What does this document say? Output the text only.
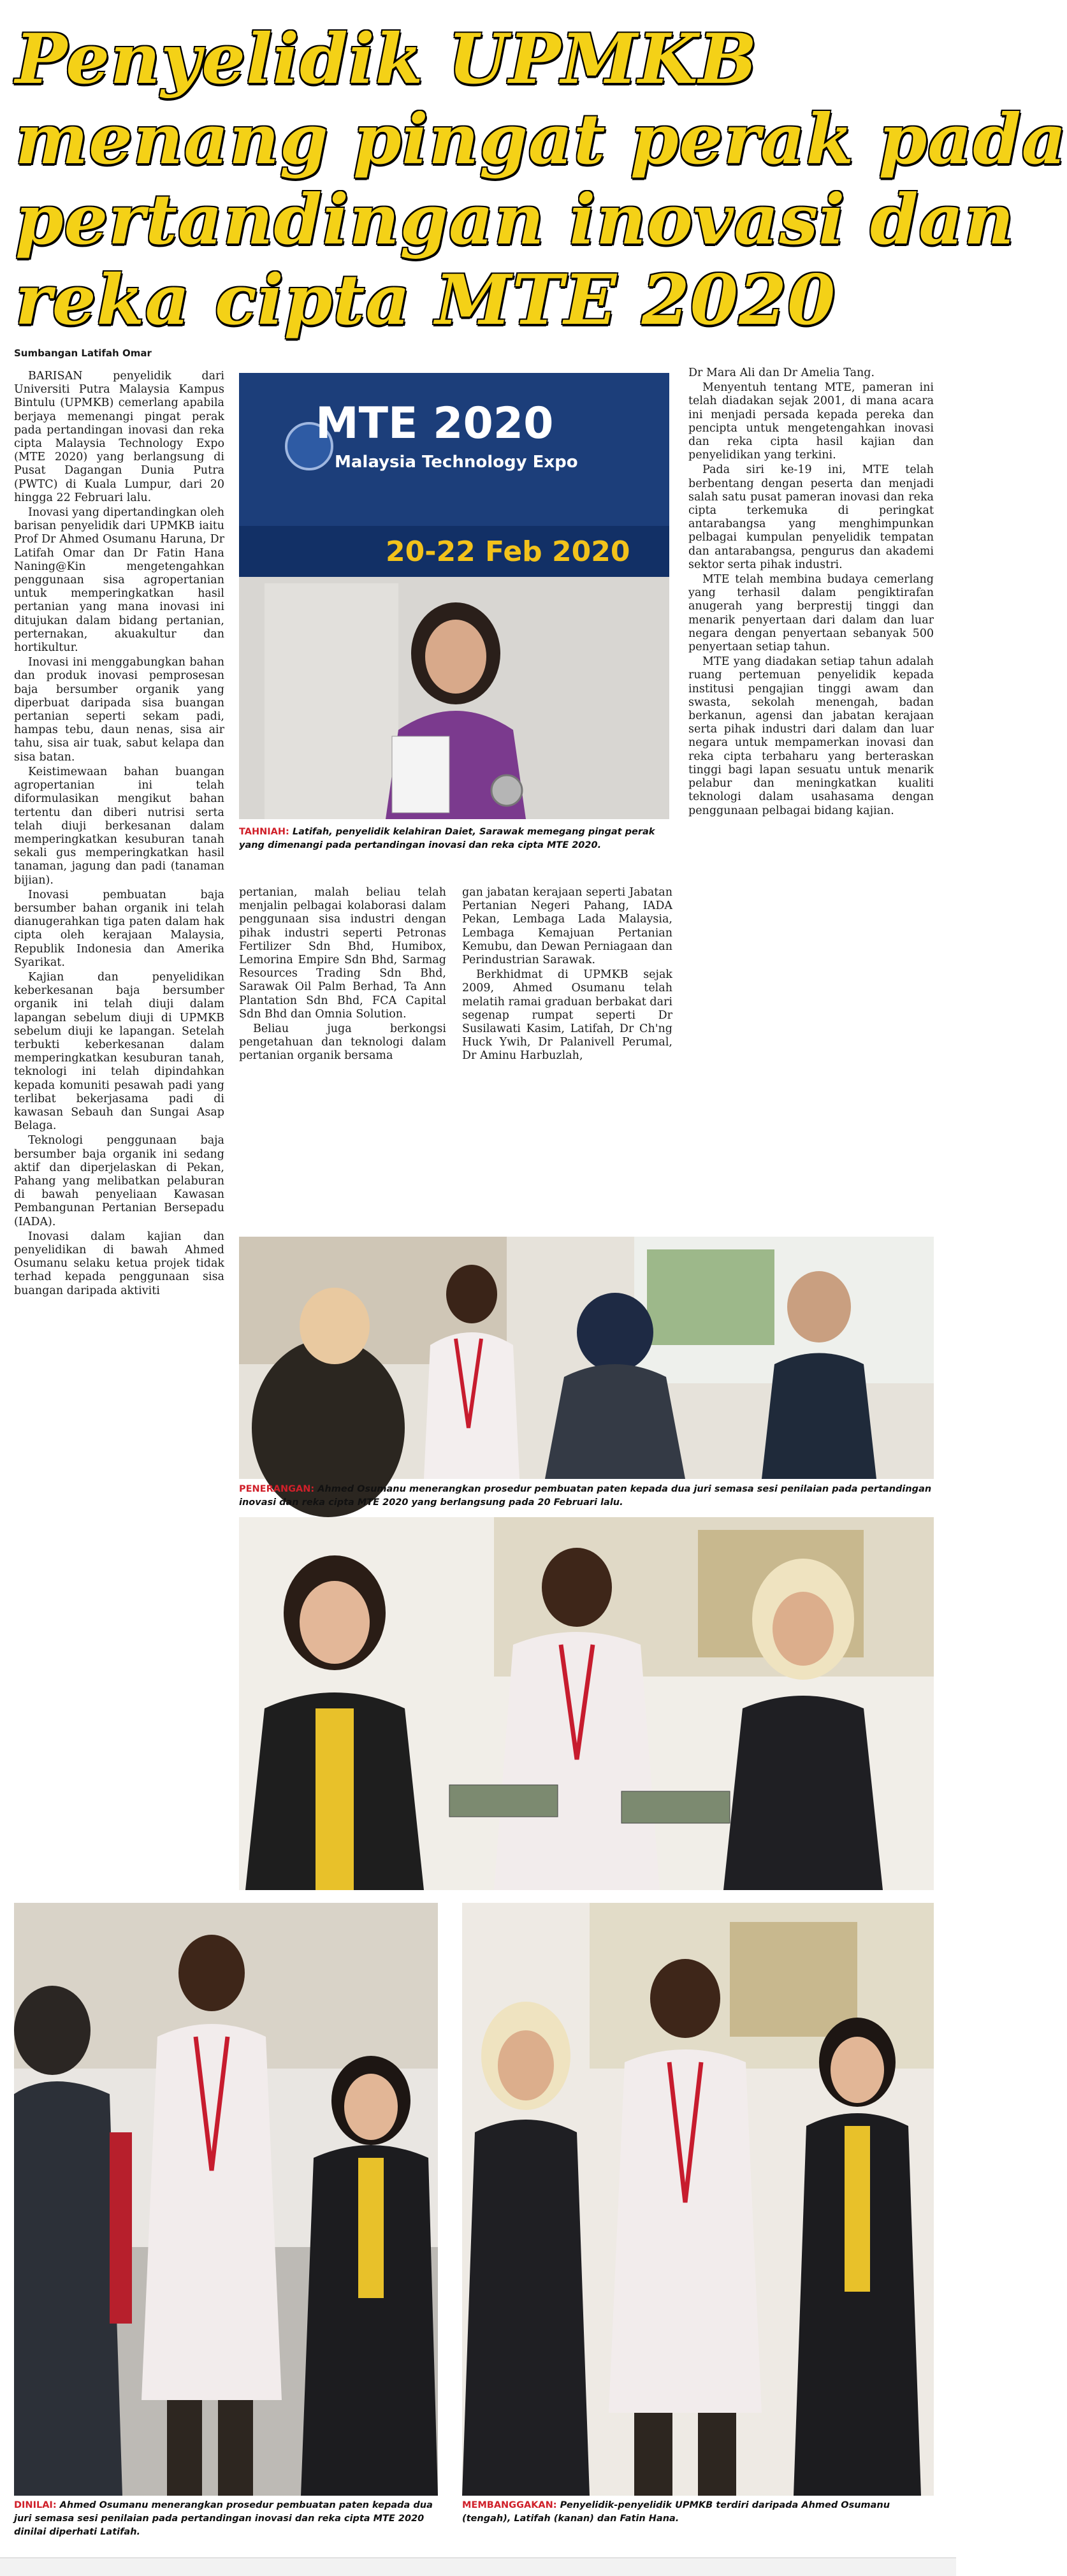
Penyelidik UPMKB
menang pingat perak pada
pertandingan inovasi dan
reka cipta MTE 2020
Sumbangan Latifah Omar

BARISAN penyelidik dari Universiti Putra Malaysia Kampus Bintulu (UPMKB) cemerlang apabila berjaya memenangi pingat perak pada pertandingan inovasi dan reka cipta Malaysia Technology Expo (MTE 2020) yang berlangsung di Pusat Dagangan Dunia Putra (PWTC) di Kuala Lumpur, dari 20 hingga 22 Februari lalu.

Inovasi yang dipertandingkan oleh barisan penyelidik dari UPMKB iaitu Prof Dr Ahmed Osumanu Haruna, Dr Latifah Omar dan Dr Fatin Hana Naning@Kin mengetengahkan penggunaan sisa agropertanian untuk memperingkatkan hasil pertanian yang mana inovasi ini ditujukan dalam bidang pertanian, perternakan, akuakultur dan hortikultur.

Inovasi ini menggabungkan bahan dan produk inovasi pemprosesan baja bersumber organik yang diperbuat daripada sisa buangan pertanian seperti sekam padi, hampas tebu, daun nenas, sisa air tahu, sisa air tuak, sabut kelapa dan sisa batan.

Keistimewaan bahan buangan agropertanian ini telah diformulasikan mengikut bahan tertentu dan diberi nutrisi serta telah diuji berkesanan dalam memperingkatkan kesuburan tanah sekali gus memperingkatkan hasil tanaman, jagung dan padi (tanaman bijian).

Inovasi pembuatan baja bersumber bahan organik ini telah dianugerahkan tiga paten dalam hak cipta oleh kerajaan Malaysia, Republik Indonesia dan Amerika Syarikat.

Kajian dan penyelidikan keberkesanan baja bersumber organik ini telah diuji dalam lapangan sebelum diuji di UPMKB sebelum diuji ke lapangan. Setelah terbukti keberkesanan dalam memperingkatkan kesuburan tanah, teknologi ini telah dipindahkan kepada komuniti pesawah padi yang terlibat bekerjasama padi di kawasan Sebauh dan Sungai Asap Belaga.

Teknologi penggunaan baja bersumber baja organik ini sedang aktif dan diperjelaskan di Pekan, Pahang yang melibatkan pelaburan di bawah penyeliaan Kawasan Pembangunan Pertanian Bersepadu (IADA).

Inovasi dalam kajian dan penyelidikan di bawah Ahmed Osumanu selaku ketua projek tidak terhad kepada penggunaan sisa buangan daripada aktiviti

MTE 2020
Malaysia Technology Expo
20-22 Feb 2020
TAHNIAH: Latifah, penyelidik kelahiran Daiet, Sarawak memegang pingat perak yang dimenangi pada pertandingan inovasi dan reka cipta MTE 2020.

Dr Mara Ali dan Dr Amelia Tang.

Menyentuh tentang MTE, pameran ini telah diadakan sejak 2001, di mana acara ini menjadi persada kepada pereka dan pencipta untuk mengetengahkan inovasi dan reka cipta hasil kajian dan penyelidikan yang terkini.

Pada siri ke-19 ini, MTE telah berbentang dengan peserta dan menjadi salah satu pusat pameran inovasi dan reka cipta terkemuka di peringkat antarabangsa yang menghimpunkan pelbagai kumpulan penyelidik tempatan dan antarabangsa, pengurus dan akademi sektor serta pihak industri.

MTE telah membina budaya cemerlang yang terhasil dalam pengiktirafan anugerah yang berprestij tinggi dan menarik penyertaan dari dalam dan luar negara dengan penyertaan sebanyak 500 penyertaan setiap tahun.

MTE yang diadakan setiap tahun adalah ruang pertemuan penyelidik kepada institusi pengajian tinggi awam dan swasta, sekolah menengah, badan berkanun, agensi dan jabatan kerajaan serta pihak industri dari dalam dan luar negara untuk mempamerkan inovasi dan reka cipta terbaharu yang berteraskan tinggi bagi lapan sesuatu untuk menarik pelabur dan meningkatkan kualiti teknologi dalam usahasama dengan penggunaan pelbagai bidang kajian.

pertanian, malah beliau telah menjalin pelbagai kolaborasi dalam penggunaan sisa industri dengan pihak industri seperti Petronas Fertilizer Sdn Bhd, Humibox, Lemorina Empire Sdn Bhd, Sarmag Resources Trading Sdn Bhd, Sarawak Oil Palm Berhad, Ta Ann Plantation Sdn Bhd, FCA Capital Sdn Bhd dan Omnia Solution.

Beliau juga berkongsi pengetahuan dan teknologi dalam pertanian organik bersama

gan jabatan kerajaan seperti Jabatan Pertanian Negeri Pahang, IADA Pekan, Lembaga Lada Malaysia, Lembaga Kemajuan Pertanian Kemubu, dan Dewan Perniagaan dan Perindustrian Sarawak.

Berkhidmat di UPMKB sejak 2009, Ahmed Osumanu telah melatih ramai graduan berbakat dari segenap rumpat seperti Dr Susilawati Kasim, Latifah, Dr Ch'ng Huck Ywih, Dr Palanivell Perumal, Dr Aminu Harbuzlah,

PENERANGAN: Ahmed Osumanu menerangkan prosedur pembuatan paten kepada dua juri semasa sesi penilaian pada pertandingan inovasi dan reka cipta MTE 2020 yang berlangsung pada 20 Februari lalu.
DINILAI: Ahmed Osumanu menerangkan prosedur pembuatan paten kepada dua juri semasa sesi penilaian pada pertandingan inovasi dan reka cipta MTE 2020 dinilai diperhati Latifah.
MEMBANGGAKAN: Penyelidik-penyelidik UPMKB terdiri daripada Ahmed Osumanu (tengah), Latifah (kanan) dan Fatin Hana.
